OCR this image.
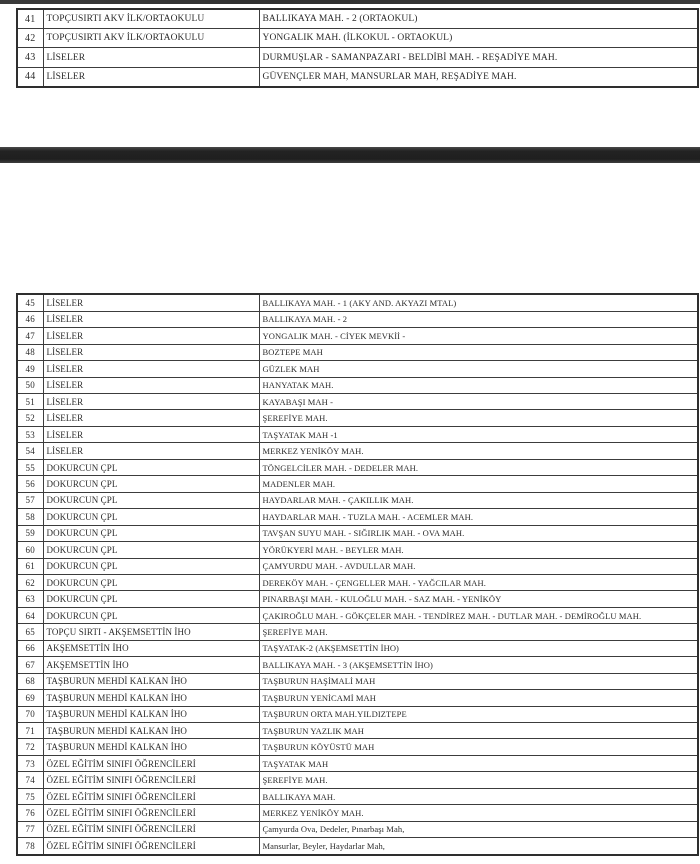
41	TOPÇUSIRTI AKV İLK/ORTAOKULU	BALLIKAYA MAH. - 2 (ORTAOKUL)
42	TOPÇUSIRTI AKV İLK/ORTAOKULU	YONGALIK MAH. (İLKOKUL - ORTAOKUL)
43	LİSELER	DURMUŞLAR - SAMANPAZARI - BELDİBİ MAH. - REŞADİYE MAH.
44	LİSELER	GÜVENÇLER MAH, MANSURLAR MAH, REŞADİYE MAH.
45	LİSELER	BALLIKAYA MAH. - 1 (AKY AND. AKYAZI MTAL)
46	LİSELER	BALLIKAYA MAH. - 2
47	LİSELER	YONGALIK MAH. - CİYEK MEVKİİ -
48	LİSELER	BOZTEPE MAH
49	LİSELER	GÜZLEK MAH
50	LİSELER	HANYATAK MAH.
51	LİSELER	KAYABAŞI MAH -
52	LİSELER	ŞEREFİYE MAH.
53	LİSELER	TAŞYATAK MAH -1
54	LİSELER	MERKEZ YENİKÖY MAH.
55	DOKURCUN ÇPL	TÖNGELCİLER MAH. - DEDELER MAH.
56	DOKURCUN ÇPL	MADENLER MAH.
57	DOKURCUN ÇPL	HAYDARLAR MAH. - ÇAKILLIK MAH.
58	DOKURCUN ÇPL	HAYDARLAR MAH. - TUZLA MAH. - ACEMLER MAH.
59	DOKURCUN ÇPL	TAVŞAN SUYU MAH. - SIĞIRLIK MAH. - OVA MAH.
60	DOKURCUN ÇPL	YÖRÜKYERİ MAH. - BEYLER MAH.
61	DOKURCUN ÇPL	ÇAMYURDU MAH. - AVDULLAR MAH.
62	DOKURCUN ÇPL	DEREKÖY MAH. - ÇENGELLER MAH. - YAĞCILAR MAH.
63	DOKURCUN ÇPL	PINARBAŞI MAH. - KULOĞLU MAH. - SAZ MAH. - YENİKÖY
64	DOKURCUN ÇPL	ÇAKIROĞLU MAH. - GÖKÇELER MAH. - TENDİREZ MAH. - DUTLAR MAH. - DEMİROĞLU MAH.
65	TOPÇU SIRTI - AKŞEMSETTİN İHO	ŞEREFİYE MAH.
66	AKŞEMSETTİN İHO	TAŞYATAK-2 (AKŞEMSETTİN İHO)
67	AKŞEMSETTİN İHO	BALLIKAYA MAH. - 3 (AKŞEMSETTİN İHO)
68	TAŞBURUN MEHDİ KALKAN İHO	TAŞBURUN HAŞİMALİ MAH
69	TAŞBURUN MEHDİ KALKAN İHO	TAŞBURUN YENİCAMİ MAH
70	TAŞBURUN MEHDİ KALKAN İHO	TAŞBURUN ORTA MAH.YILDIZTEPE
71	TAŞBURUN MEHDİ KALKAN İHO	TAŞBURUN YAZLIK MAH
72	TAŞBURUN MEHDİ KALKAN İHO	TAŞBURUN KÖYÜSTÜ MAH
73	ÖZEL EĞİTİM SINIFI ÖĞRENCİLERİ	TAŞYATAK MAH
74	ÖZEL EĞİTİM SINIFI ÖĞRENCİLERİ	ŞEREFİYE MAH.
75	ÖZEL EĞİTİM SINIFI ÖĞRENCİLERİ	BALLIKAYA MAH.
76	ÖZEL EĞİTİM SINIFI ÖĞRENCİLERİ	MERKEZ YENİKÖY MAH.
77	ÖZEL EĞİTİM SINIFI ÖĞRENCİLERİ	Çamyurda Ova, Dedeler, Pınarbaşı Mah,
78	ÖZEL EĞİTİM SINIFI ÖĞRENCİLERİ	Mansurlar, Beyler, Haydarlar Mah,
